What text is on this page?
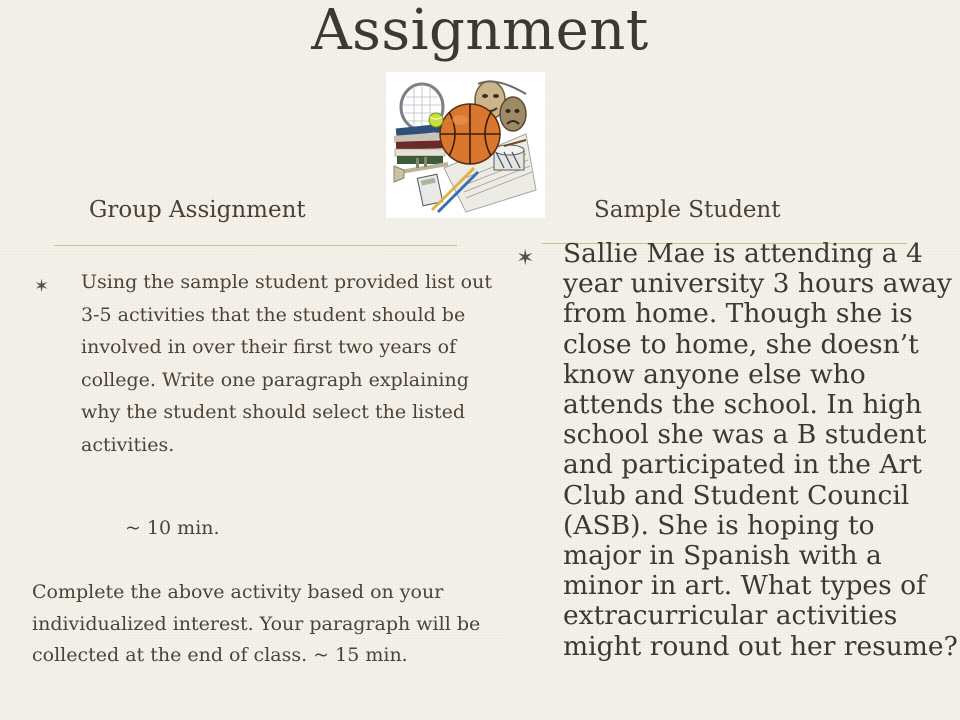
Assignment
Group Assignment	Sample Student
✶ Using the sample student provided list out 3-5 activities that the student should be involved in over their first two years of college. Write one paragraph explaining why the student should select the listed activities.
~ 10 min.
Complete the above activity based on your individualized interest. Your paragraph will be collected at the end of class. ~ 15 min.
✶ Sallie Mae is attending a 4 year university 3 hours away from home. Though she is close to home, she doesn’t know anyone else who attends the school. In high school she was a B student and participated in the Art Club and Student Council (ASB). She is hoping to major in Spanish with a minor in art. What types of extracurricular activities might round out her resume?
